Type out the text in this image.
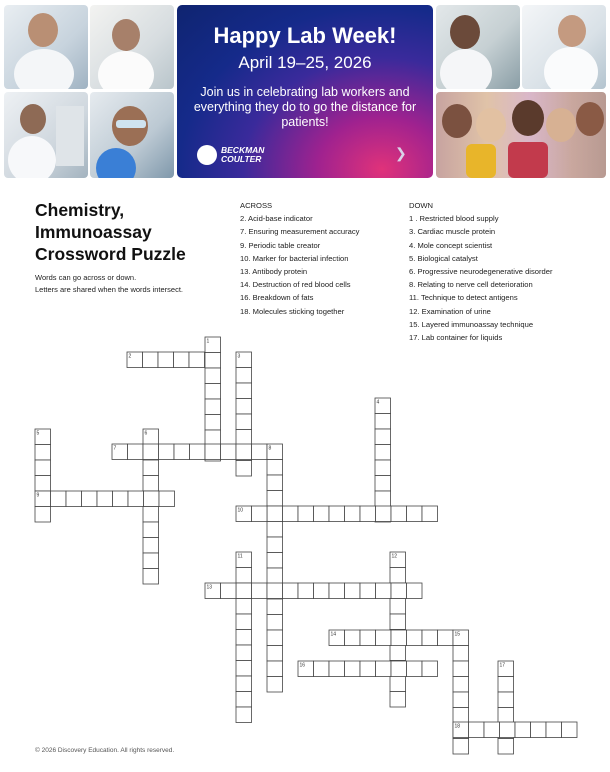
Happy Lab Week!
April 19–25, 2026
Join us in celebrating lab workers and everything they do to go the distance for patients!
BECKMAN
COULTER	❯
Chemistry,
Immunoassay
Crossword Puzzle
Words can go across or down.
Letters are shared when the words intersect.
ACROSS
2. Acid-base indicator
7. Ensuring measurement accuracy
9. Periodic table creator
10. Marker for bacterial infection
13. Antibody protein
14. Destruction of red blood cells
16. Breakdown of fats
18. Molecules sticking together
DOWN
1 . Restricted blood supply
3. Cardiac muscle protein
4. Mole concept scientist
5. Biological catalyst
6. Progressive neurodegenerative disorder
8. Relating to nerve cell deterioration
11. Technique to detect antigens
12. Examination of urine
15. Layered immunoassay technique
17. Lab container for liquids
1
2	3
4
5	6
7	8
9
10
11	12
13
14	15
16	17
18
© 2026 Discovery Education. All rights reserved.
